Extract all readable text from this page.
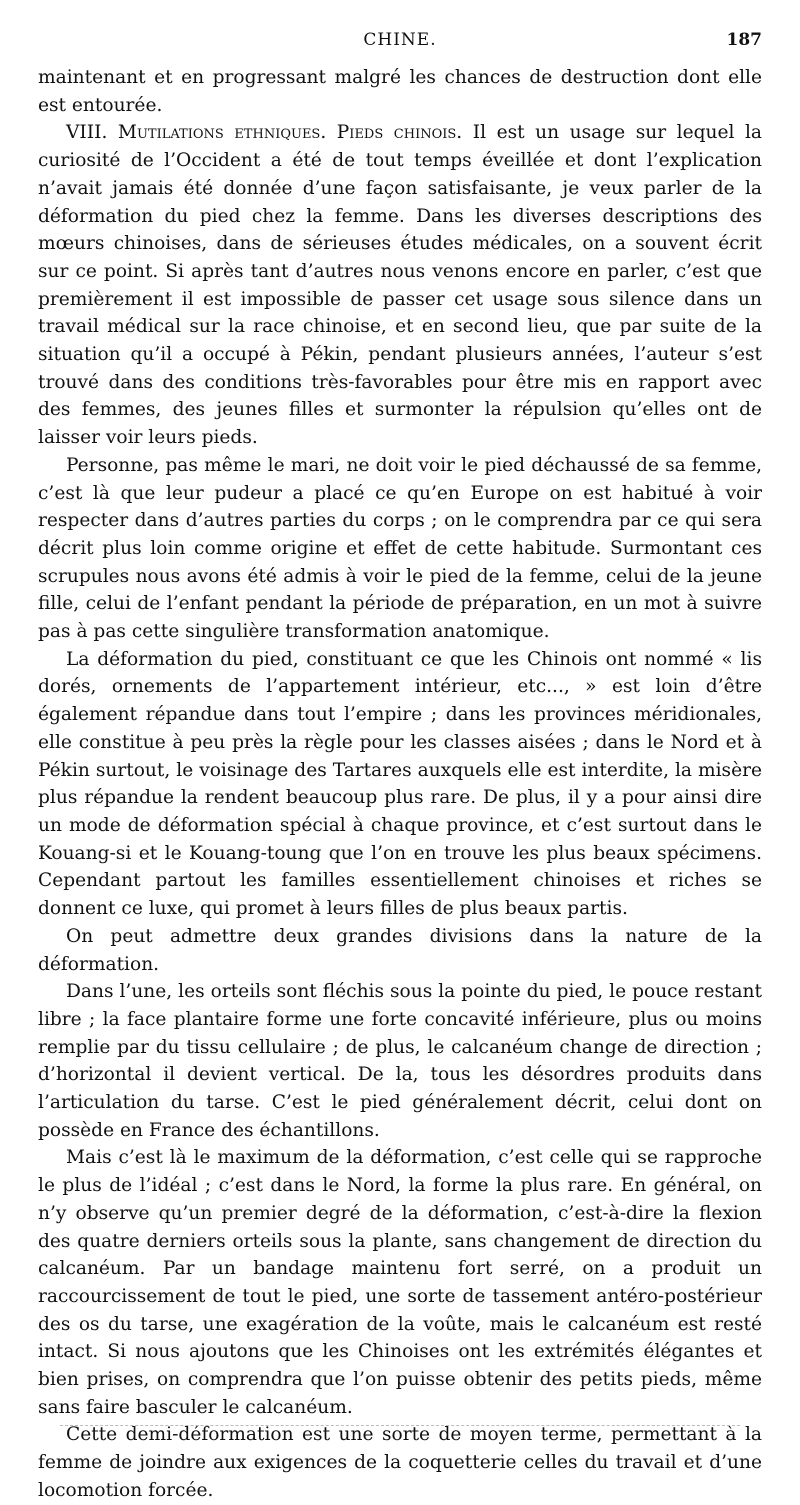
CHINE.	187

maintenant et en progressant malgré les chances de destruction dont elle est entourée.

VIII. Mutilations ethniques. Pieds chinois. Il est un usage sur lequel la curiosité de l’Occident a été de tout temps éveillée et dont l’explication n’avait jamais été donnée d’une façon satisfaisante, je veux parler de la déformation du pied chez la femme. Dans les diverses descriptions des mœurs chinoises, dans de sérieuses études médicales, on a souvent écrit sur ce point. Si après tant d’autres nous venons encore en parler, c’est que premièrement il est impossible de passer cet usage sous silence dans un travail médical sur la race chinoise, et en second lieu, que par suite de la situation qu’il a occupé à Pékin, pendant plusieurs années, l’auteur s’est trouvé dans des conditions très-favorables pour être mis en rapport avec des femmes, des jeunes filles et surmonter la répulsion qu’elles ont de laisser voir leurs pieds.

Personne, pas même le mari, ne doit voir le pied déchaussé de sa femme, c’est là que leur pudeur a placé ce qu’en Europe on est habitué à voir respecter dans d’autres parties du corps ; on le comprendra par ce qui sera décrit plus loin comme origine et effet de cette habitude. Surmontant ces scrupules nous avons été admis à voir le pied de la femme, celui de la jeune fille, celui de l’enfant pendant la période de préparation, en un mot à suivre pas à pas cette singulière transformation anatomique.

La déformation du pied, constituant ce que les Chinois ont nommé « lis dorés, ornements de l’appartement intérieur, etc..., » est loin d’être également répandue dans tout l’empire ; dans les provinces méridionales, elle constitue à peu près la règle pour les classes aisées ; dans le Nord et à Pékin surtout, le voisinage des Tartares auxquels elle est interdite, la misère plus répandue la rendent beaucoup plus rare. De plus, il y a pour ainsi dire un mode de déformation spécial à chaque province, et c’est surtout dans le Kouang-si et le Kouang-toung que l’on en trouve les plus beaux spécimens. Cependant partout les familles essentiellement chinoises et riches se donnent ce luxe, qui promet à leurs filles de plus beaux partis.

On peut admettre deux grandes divisions dans la nature de la déformation.

Dans l’une, les orteils sont fléchis sous la pointe du pied, le pouce restant libre ; la face plantaire forme une forte concavité inférieure, plus ou moins remplie par du tissu cellulaire ; de plus, le calcanéum change de direction ; d’horizontal il devient vertical. De la, tous les désordres produits dans l’articulation du tarse. C’est le pied généralement décrit, celui dont on possède en France des échantillons.

Mais c’est là le maximum de la déformation, c’est celle qui se rapproche le plus de l’idéal ; c’est dans le Nord, la forme la plus rare. En général, on n’y observe qu’un premier degré de la déformation, c’est-à-dire la flexion des quatre derniers orteils sous la plante, sans changement de direction du calcanéum. Par un bandage maintenu fort serré, on a produit un raccourcissement de tout le pied, une sorte de tassement antéro-postérieur des os du tarse, une exagération de la voûte, mais le calcanéum est resté intact. Si nous ajoutons que les Chinoises ont les extrémités élégantes et bien prises, on comprendra que l’on puisse obtenir des petits pieds, même sans faire basculer le calcanéum.

Cette demi-déformation est une sorte de moyen terme, permettant à la femme de joindre aux exigences de la coquetterie celles du travail et d’une locomotion forcée.
